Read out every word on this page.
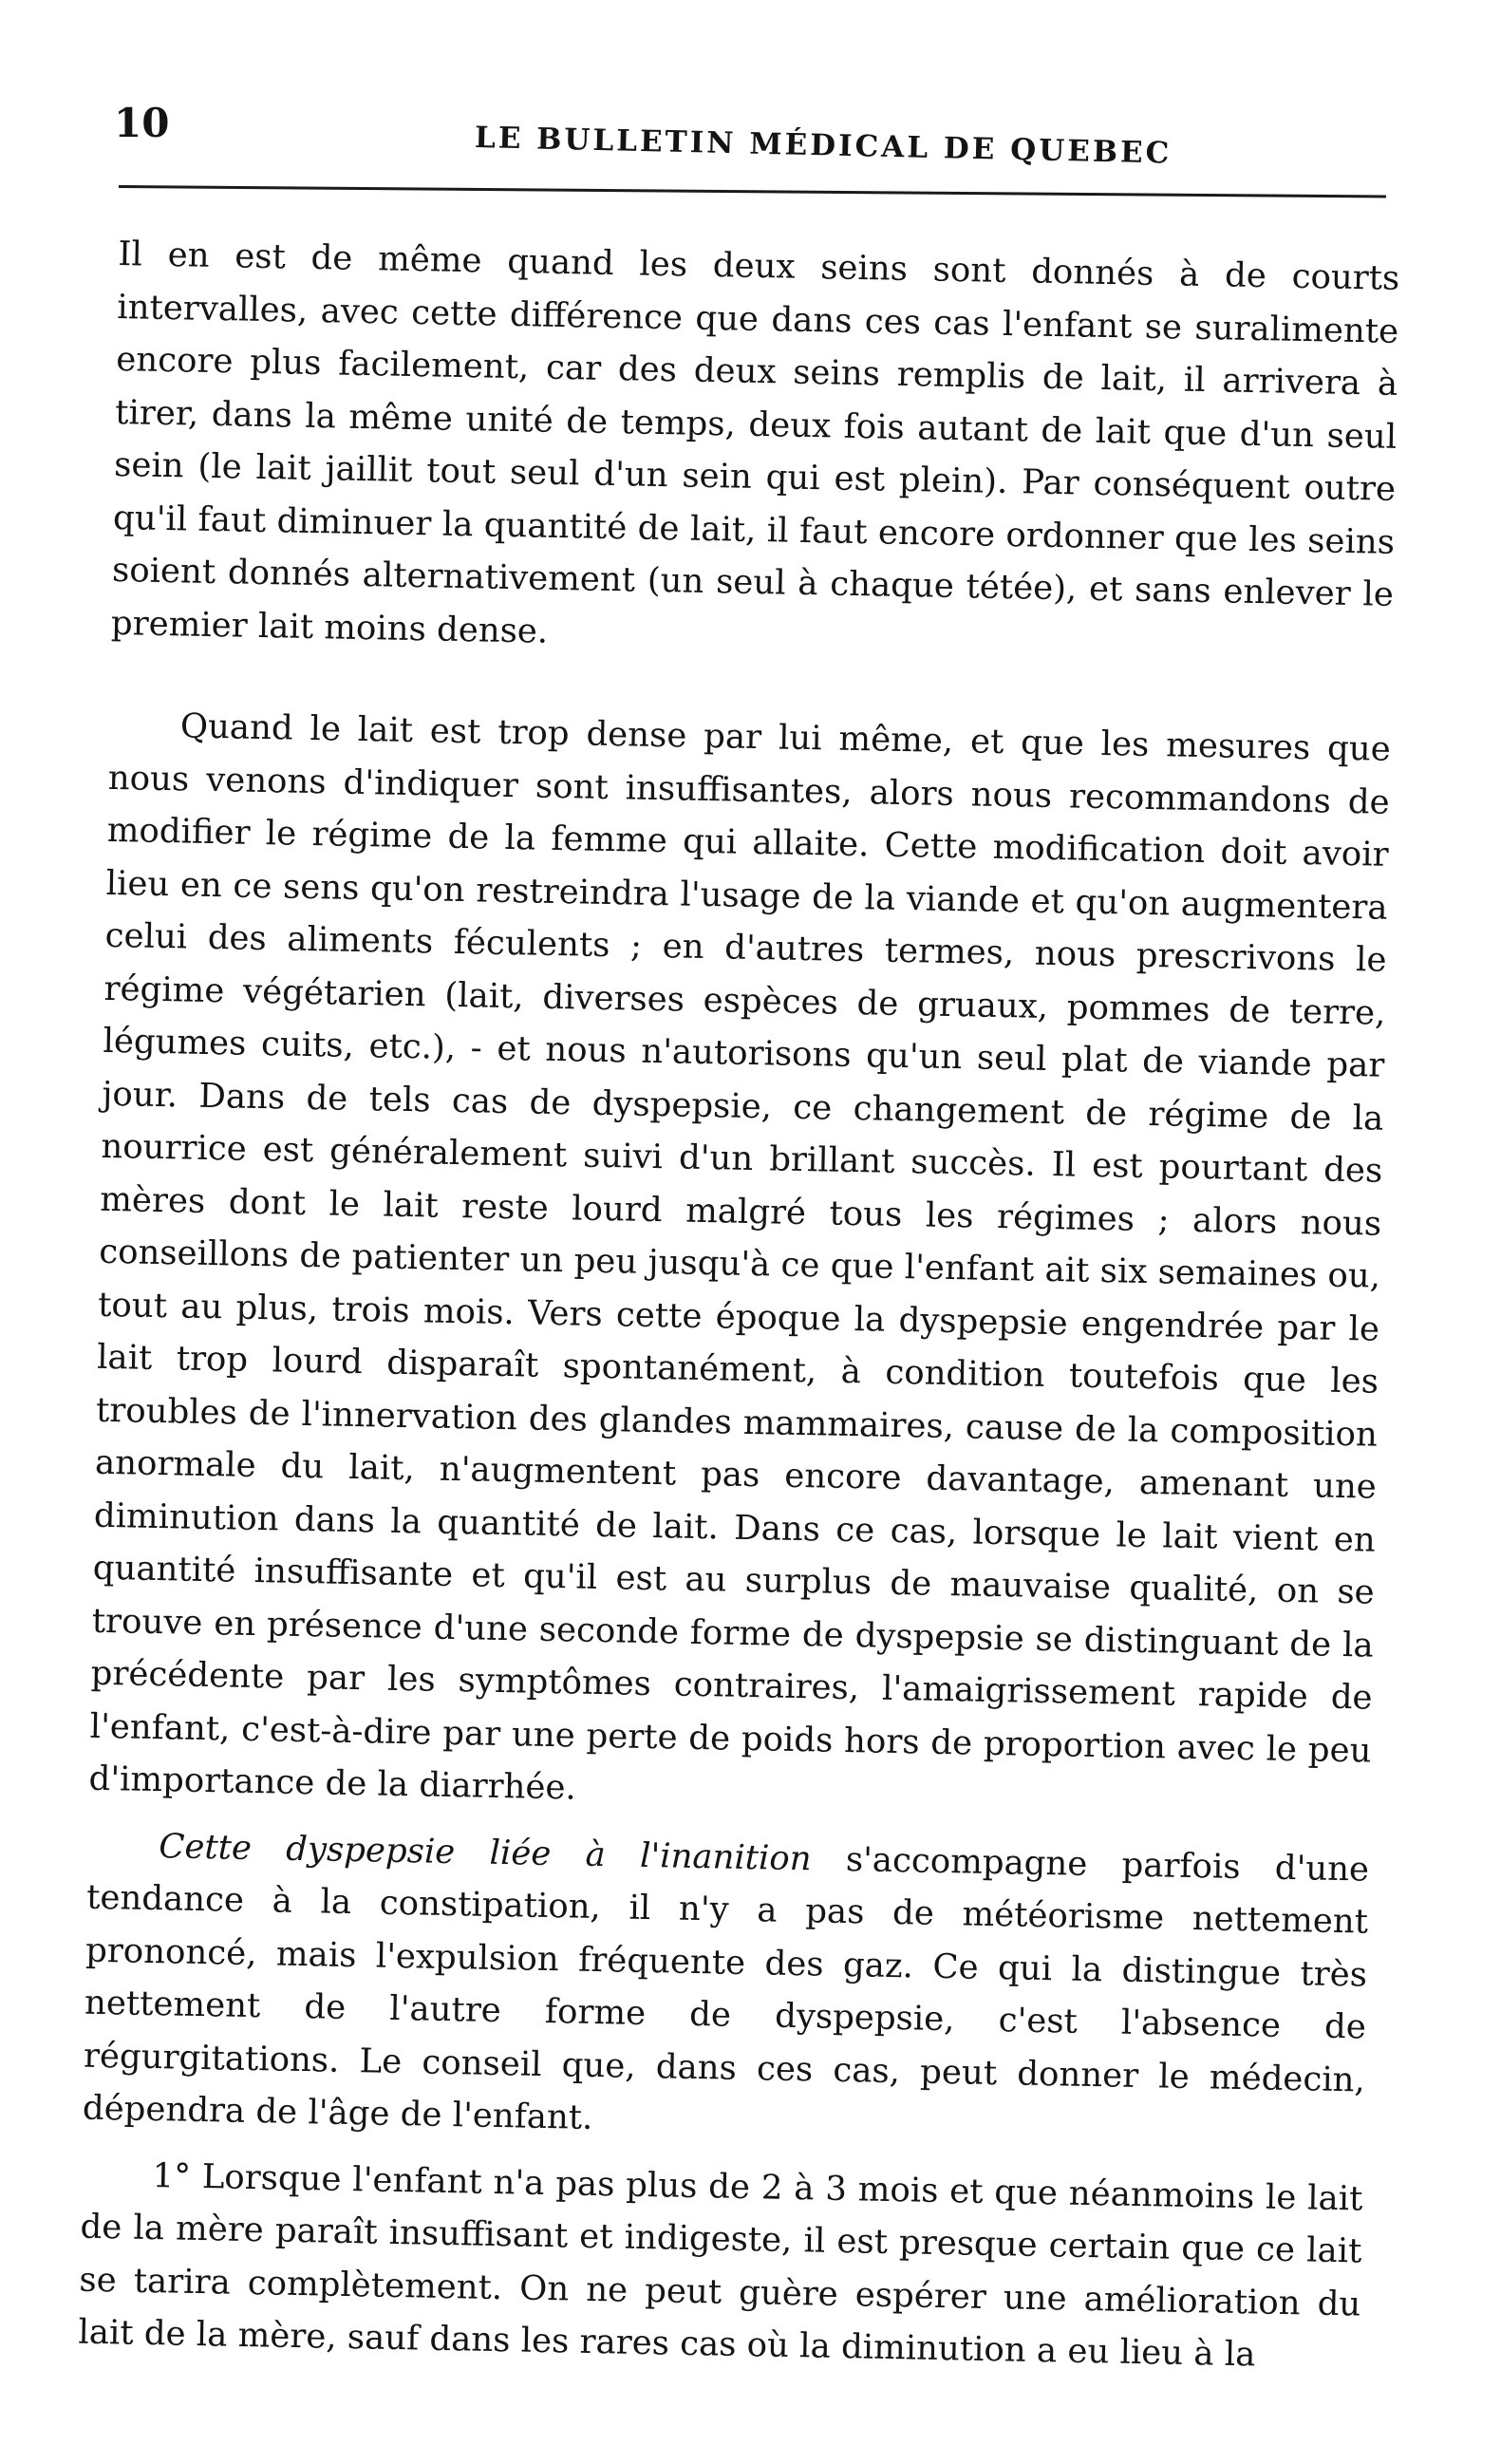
10	LE BULLETIN MÉDICAL DE QUEBEC

Il en est de même quand les deux seins sont donnés à de courts intervalles, avec cette différence que dans ces cas l'enfant se suralimente encore plus facilement, car des deux seins remplis de lait, il arrivera à tirer, dans la même unité de temps, deux fois autant de lait que d'un seul sein (le lait jaillit tout seul d'un sein qui est plein). Par conséquent outre qu'il faut diminuer la quantité de lait, il faut encore ordonner que les seins soient donnés alternativement (un seul à chaque tétée), et sans enlever le premier lait moins dense.

Quand le lait est trop dense par lui même, et que les mesures que nous venons d'indiquer sont insuffisantes, alors nous recommandons de modifier le régime de la femme qui allaite. Cette modification doit avoir lieu en ce sens qu'on restreindra l'usage de la viande et qu'on augmentera celui des aliments féculents ; en d'autres termes, nous prescrivons le régime végétarien (lait, diverses espèces de gruaux, pommes de terre, légumes cuits, etc.), - et nous n'autorisons qu'un seul plat de viande par jour. Dans de tels cas de dyspepsie, ce changement de régime de la nourrice est généralement suivi d'un brillant succès. Il est pourtant des mères dont le lait reste lourd malgré tous les régimes ; alors nous conseillons de patienter un peu jusqu'à ce que l'enfant ait six semaines ou, tout au plus, trois mois. Vers cette époque la dyspepsie engendrée par le lait trop lourd disparaît spontanément, à condition toutefois que les troubles de l'innervation des glandes mammaires, cause de la composition anormale du lait, n'augmentent pas encore davantage, amenant une diminution dans la quantité de lait. Dans ce cas, lorsque le lait vient en quantité insuffisante et qu'il est au surplus de mauvaise qualité, on se trouve en présence d'une seconde forme de dyspepsie se distinguant de la précédente par les symptômes contraires, l'amaigrissement rapide de l'enfant, c'est-à-dire par une perte de poids hors de proportion avec le peu d'importance de la diarrhée.

Cette dyspepsie liée à l'inanition s'accompagne parfois d'une tendance à la constipation, il n'y a pas de météorisme nettement prononcé, mais l'expulsion fréquente des gaz. Ce qui la distingue très nettement de l'autre forme de dyspepsie, c'est l'absence de régurgitations. Le conseil que, dans ces cas, peut donner le médecin, dépendra de l'âge de l'enfant.

1° Lorsque l'enfant n'a pas plus de 2 à 3 mois et que néanmoins le lait de la mère paraît insuffisant et indigeste, il est presque certain que ce lait se tarira complètement. On ne peut guère espérer une amélioration du lait de la mère, sauf dans les rares cas où la diminution a eu lieu à la
